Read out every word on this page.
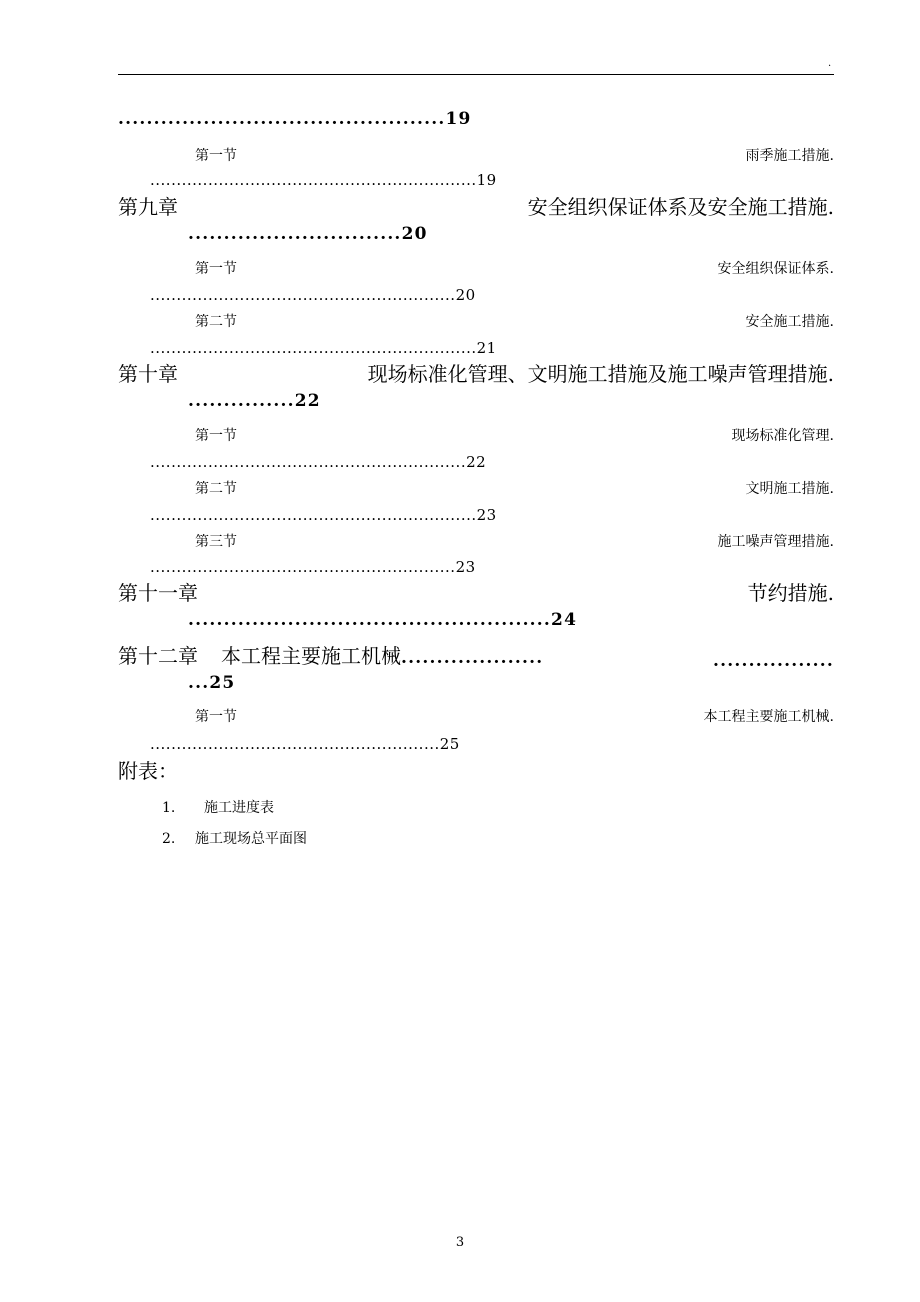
.
..............................................19
第一节	雨季施工措施.
..............................................................19
第九章	安全组织保证体系及安全施工措施.
..............................20
第一节	安全组织保证体系.
..........................................................20
第二节	安全施工措施.
..............................................................21
第十章	现场标准化管理、文明施工措施及施工噪声管理措施.
...............22
第一节	现场标准化管理.
............................................................22
第二节	文明施工措施.
..............................................................23
第三节	施工噪声管理措施.
..........................................................23
第十一章	节约措施.
...................................................24
第十二章 本工程主要施工机械....................	.................
...25
第一节	本工程主要施工机械.
.......................................................25
附表：
1. 施工进度表
2. 施工现场总平面图
3
